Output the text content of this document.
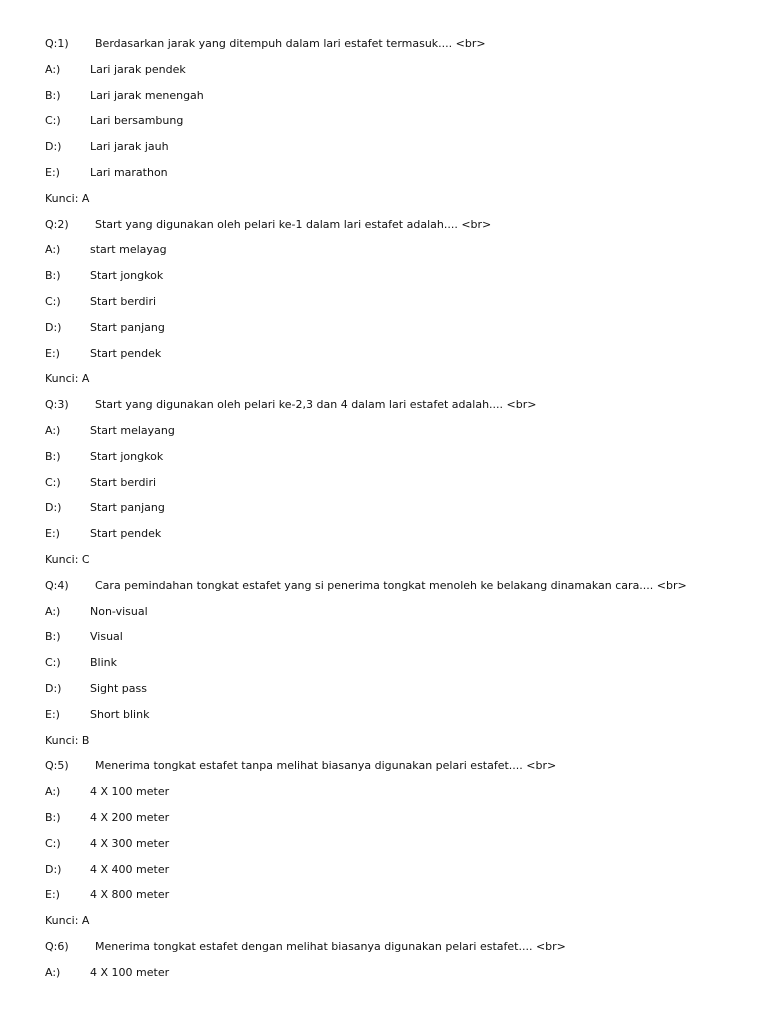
Q:1) Berdasarkan jarak yang ditempuh dalam lari estafet termasuk.... <br>
A:)	Lari jarak pendek
B:)	Lari jarak menengah
C:)	Lari bersambung
D:)	Lari jarak jauh
E:)	Lari marathon
Kunci: A
Q:2) Start yang digunakan oleh pelari ke-1 dalam lari estafet adalah.... <br>
A:)	start melayag
B:)	Start jongkok
C:)	Start berdiri
D:)	Start panjang
E:)	Start pendek
Kunci: A
Q:3) Start yang digunakan oleh pelari ke-2,3 dan 4 dalam lari estafet adalah.... <br>
A:)	Start melayang
B:)	Start jongkok
C:)	Start berdiri
D:)	Start panjang
E:)	Start pendek
Kunci: C
Q:4) Cara pemindahan tongkat estafet yang si penerima tongkat menoleh ke belakang dinamakan cara.... <br>
A:)	Non-visual
B:)	Visual
C:)	Blink
D:)	Sight pass
E:)	Short blink
Kunci: B
Q:5) Menerima tongkat estafet tanpa melihat biasanya digunakan pelari estafet.... <br>
A:)	4 X 100 meter
B:)	4 X 200 meter
C:)	4 X 300 meter
D:)	4 X 400 meter
E:)	4 X 800 meter
Kunci: A
Q:6) Menerima tongkat estafet dengan melihat biasanya digunakan pelari estafet.... <br>
A:)	4 X 100 meter
